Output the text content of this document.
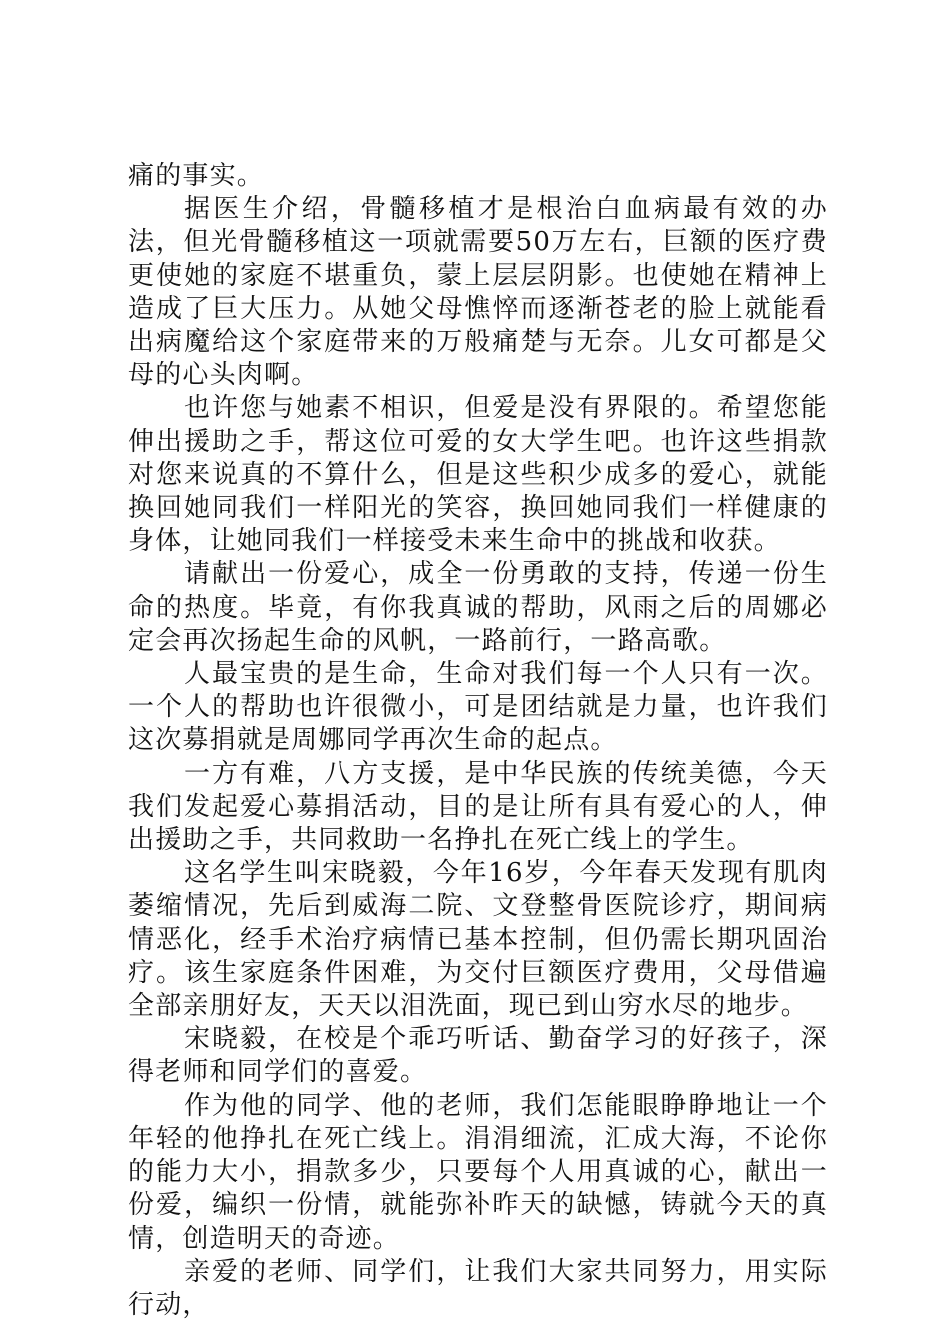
痛的事实。

据医生介绍，骨髓移植才是根治白血病最有效的办法，但光骨髓移植这一项就需要50万左右，巨额的医疗费更使她的家庭不堪重负，蒙上层层阴影。也使她在精神上造成了巨大压力。从她父母憔悴而逐渐苍老的脸上就能看出病魔给这个家庭带来的万般痛楚与无奈。儿女可都是父母的心头肉啊。

也许您与她素不相识，但爱是没有界限的。希望您能伸出援助之手，帮这位可爱的女大学生吧。也许这些捐款对您来说真的不算什么，但是这些积少成多的爱心，就能换回她同我们一样阳光的笑容，换回她同我们一样健康的身体，让她同我们一样接受未来生命中的挑战和收获。

请献出一份爱心，成全一份勇敢的支持，传递一份生命的热度。毕竟，有你我真诚的帮助，风雨之后的周娜必定会再次扬起生命的风帆，一路前行，一路高歌。

人最宝贵的是生命，生命对我们每一个人只有一次。一个人的帮助也许很微小，可是团结就是力量，也许我们这次募捐就是周娜同学再次生命的起点。

一方有难，八方支援，是中华民族的传统美德，今天我们发起爱心募捐活动，目的是让所有具有爱心的人，伸出援助之手，共同救助一名挣扎在死亡线上的学生。

这名学生叫宋晓毅，今年16岁，今年春天发现有肌肉萎缩情况，先后到威海二院、文登整骨医院诊疗，期间病情恶化，经手术治疗病情已基本控制，但仍需长期巩固治疗。该生家庭条件困难，为交付巨额医疗费用，父母借遍全部亲朋好友，天天以泪洗面，现已到山穷水尽的地步。

宋晓毅，在校是个乖巧听话、勤奋学习的好孩子，深得老师和同学们的喜爱。

作为他的同学、他的老师，我们怎能眼睁睁地让一个年轻的他挣扎在死亡线上。涓涓细流，汇成大海，不论你的能力大小，捐款多少，只要每个人用真诚的心，献出一份爱，编织一份情，就能弥补昨天的缺憾，铸就今天的真情，创造明天的奇迹。

亲爱的老师、同学们，让我们大家共同努力，用实际行动，
